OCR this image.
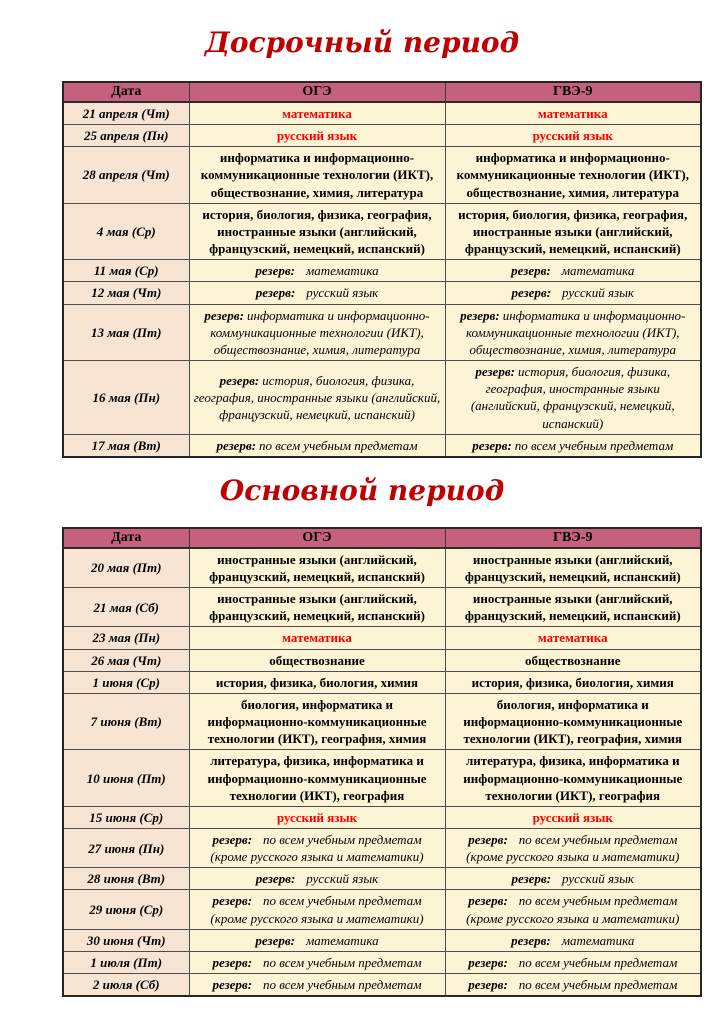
Досрочный период
Дата	ОГЭ	ГВЭ-9
21 апреля (Чт)	математика	математика
25 апреля (Пн)	русский язык	русский язык
28 апреля (Чт)	информатика и информационно-коммуникационные технологии (ИКТ), обществознание, химия, литература	информатика и информационно-коммуникационные технологии (ИКТ), обществознание, химия, литература
4 мая (Ср)	история, биология, физика, география, иностранные языки (английский, французский, немецкий, испанский)	история, биология, физика, география, иностранные языки (английский, французский, немецкий, испанский)
11 мая (Ср)	резерв: математика	резерв: математика
12 мая (Чт)	резерв: русский язык	резерв: русский язык
13 мая (Пт)	резерв: информатика и информационно-коммуникационные технологии (ИКТ), обществознание, химия, литература	резерв: информатика и информационно-коммуникационные технологии (ИКТ), обществознание, химия, литература
16 мая (Пн)	резерв: история, биология, физика, география, иностранные языки (английский, французский, немецкий, испанский)	резерв: история, биология, физика, география, иностранные языки (английский, французский, немецкий, испанский)
17 мая (Вт)	резерв: по всем учебным предметам	резерв: по всем учебным предметам
Основной период
Дата	ОГЭ	ГВЭ-9
20 мая (Пт)	иностранные языки (английский, французский, немецкий, испанский)	иностранные языки (английский, французский, немецкий, испанский)
21 мая (Сб)	иностранные языки (английский, французский, немецкий, испанский)	иностранные языки (английский, французский, немецкий, испанский)
23 мая (Пн)	математика	математика
26 мая (Чт)	обществознание	обществознание
1 июня (Ср)	история, физика, биология, химия	история, физика, биология, химия
7 июня (Вт)	биология, информатика и информационно-коммуникационные технологии (ИКТ), география, химия	биология, информатика и информационно-коммуникационные технологии (ИКТ), география, химия
10 июня (Пт)	литература, физика, информатика и информационно-коммуникационные технологии (ИКТ), география	литература, физика, информатика и информационно-коммуникационные технологии (ИКТ), география
15 июня (Ср)	русский язык	русский язык
27 июня (Пн)	резерв: по всем учебным предметам (кроме русского языка и математики)	резерв: по всем учебным предметам (кроме русского языка и математики)
28 июня (Вт)	резерв: русский язык	резерв: русский язык
29 июня (Ср)	резерв: по всем учебным предметам (кроме русского языка и математики)	резерв: по всем учебным предметам (кроме русского языка и математики)
30 июня (Чт)	резерв: математика	резерв: математика
1 июля (Пт)	резерв: по всем учебным предметам	резерв: по всем учебным предметам
2 июля (Сб)	резерв: по всем учебным предметам	резерв: по всем учебным предметам
